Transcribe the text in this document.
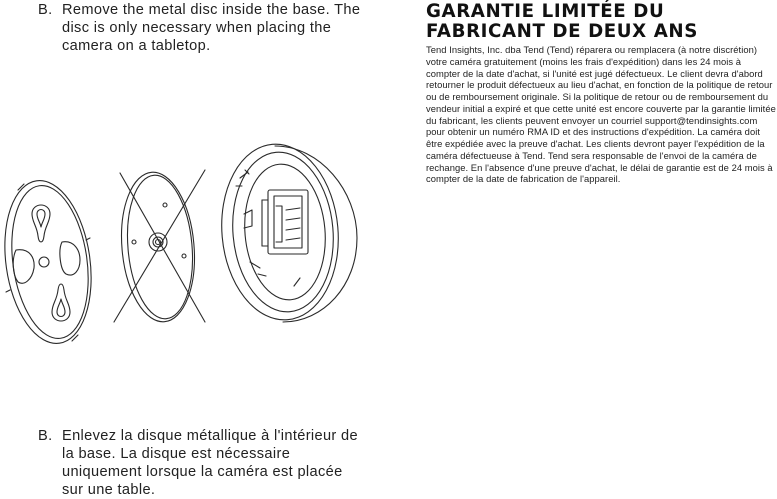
B. Remove the metal disc inside the base. The disc is only necessary when placing the camera on a tabletop.
B. Enlevez la disque métallique à l'intérieur de la base. La disque est nécessaire uniquement lorsque la caméra est placée sur une table.
GARANTIE LIMITÉE DU
FABRICANT DE DEUX ANS

Tend Insights, Inc. dba Tend (Tend) réparera ou remplacera (à notre discrétion) votre caméra gratuitement (moins les frais d'expédition) dans les 24 mois à compter de la date d'achat, si l'unité est jugé défectueux. Le client devra d'abord retourner le produit défectueux au lieu d'achat, en fonction de la politique de retour ou de remboursement originale. Si la politique de retour ou de remboursement du vendeur initial a expiré et que cette unité est encore couverte par la garantie limitée du fabricant, les clients peuvent envoyer un courriel support@tendinsights.com pour obtenir un numéro RMA ID et des instructions d'expédition. La caméra doit être expédiée avec la preuve d'achat. Les clients devront payer l'expédition de la caméra défectueuse à Tend. Tend sera responsable de l'envoi de la caméra de rechange. En l'absence d'une preuve d'achat, le délai de garantie est de 24 mois à compter de la date de fabrication de l'appareil.
